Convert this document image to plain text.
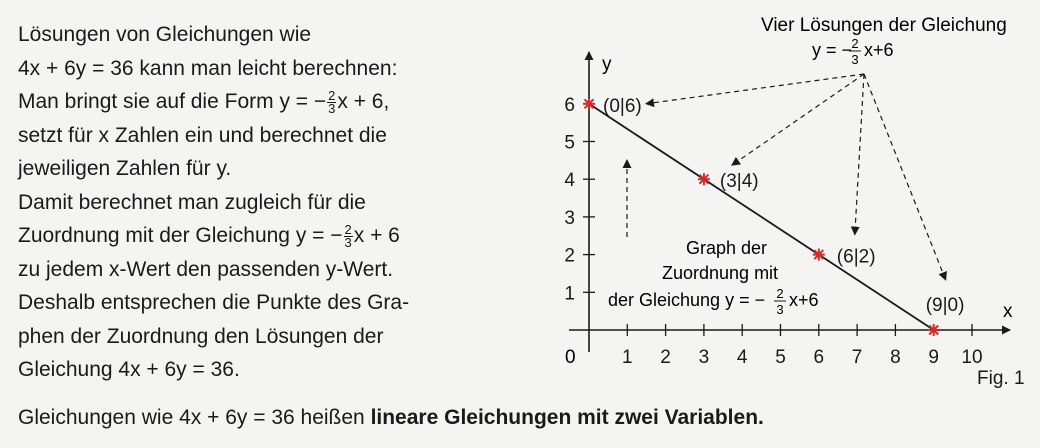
Lösungen von Gleichungen wie
4x + 6y = 36 kann man leicht berechnen:
Man bringt sie auf die Form y = − $\frac{2}{3}$ x + 6,
setzt für x Zahlen ein und berechnet die
jeweiligen Zahlen für y.
Damit berechnet man zugleich für die
Zuordnung mit der Gleichung y = − $\frac{2}{3}$ x + 6
zu jedem x-Wert den passenden y-Wert.
Deshalb entsprechen die Punkte des Gra-
phen der Zuordnung den Lösungen der
Gleichung 4x + 6y = 36.
1 2 3 4 5 6 7 8 9 10
1
2
3
4
5
6 (0|6)
(3|4)
(6|2)
(9|0)
Vier Lösungen der Gleichung
y = − 2
3 x+6
Graph der
Zuordnung mit
der Gleichung y = − 2
3 x+6
y
x
0
Fig. 1
Gleichungen wie 4x + 6y = 36 heißen lineare Gleichungen mit zwei Variablen.
